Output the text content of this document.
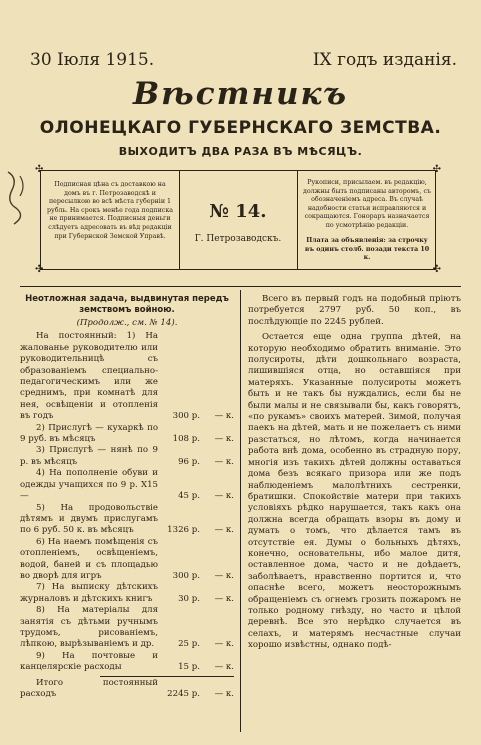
30 Іюля 1915.	IX годъ изданія.
Вѣстникъ
ОЛОНЕЦКАГО ГУБЕРНСКАГО ЗЕМСТВА.
ВЫХОДИТЪ ДВА РАЗА ВЪ МѢСЯЦЪ.
✣	✣
✣	✣
Подписная цѣна съ доставкою на домъ въ г. Петрозаводскѣ и пересылкою во всѣ мѣста губерніи 1 рубль. На срокъ менѣе года подписка не принимается. Подписныя деньги слѣдуетъ адресовать въ вѣд редакціи при Губернской Земской Управѣ.
№ 14.
Г. Петрозаводскъ.
Рукописи, присылаем. въ редакцію, должны быть подписаны авторомъ, съ обозначеніемъ адреса. Въ случаѣ надобности статьи исправляются и сокращаются. Гонораръ назначается по усмотрѣнію редакціи.
Плата за объявленія: за строчку въ одинъ столб. позади текста 10 к.
Неотложная задача, выдвинутая передъ земствомъ войною.
(Продолж., см. № 14).
На постоянный: 1) На жалованье руководителю или руководительницѣ съ образованіемъ специально-педагогическимъ или же среднимъ, при комнатѣ для нея, освѣщеніи и отопленія въ годъ	300 р.	— к.
2) Прислугѣ — кухаркѣ по 9 руб. въ мѣсяцъ	108 р.	— к.
3) Прислугѣ — нянѣ по 9 р. въ мѣсяцъ	96 р.	— к.
4) На пополненіе обуви и одежды учащихся по 9 р. X15—	45 р.	— к.
5) На продовольствіе дѣтямъ и двумъ прислугамъ по 6 руб. 50 к. въ мѣсяцъ	1326 р.	— к.
6) На наемъ помѣщенія съ отопленіемъ, освѣщеніемъ, водой, баней и съ площадью во дворѣ для игръ	300 р.	— к.
7) На выписку дѣтскихъ журналовъ и дѣтскихъ книгъ	30 р.	— к.
8) На матеріалы для занятія съ дѣтьми ручнымъ трудомъ, рисованіемъ, лѣпкою, вырѣзываніемъ и др.	25 р.	— к.
9) На почтовые и канцелярскіе расходы	15 р.	— к.
Итого постоянный расходъ	2245 р.	— к.

Всего въ первый годъ на подобный пріютъ потребуется 2797 руб. 50 коп., въ послѣдующіе по 2245 рублей.

Остается еще одна группа дѣтей, на которую необходимо обратить вниманіе. Это полусироты, дѣти дошкольнаго возраста, лишившіяся отца, но оставшіяся при матеряхъ. Указанные полусироты можетъ быть и не такъ бы нуждались, если бы не были малы и не связывали бы, какъ говорятъ, «по рукамъ» своихъ матерей. Зимой, получая паекъ на дѣтей, мать и не пожелаетъ съ ними разстаться, но лѣтомъ, когда начинается работа внѣ дома, особенно въ страдную пору, многія изъ такихъ дѣтей должны оставаться дома безъ всякаго призора или же подъ наблюденіемъ малолѣтнихъ сестренки, братишки. Спокойствіе матери при такихъ условіяхъ рѣдко нарушается, такъ какъ она должна всегда обращать взоры въ дому и думать о томъ, что дѣлается тамъ въ отсутствіе ея. Думы о больныхъ дѣтяхъ, конечно, основательны, ибо малое дитя, оставленное дома, часто и не доѣдаетъ, заболѣваетъ, нравственно портится и, что опаснѣе всего, можетъ неосторожнымъ обращеніемъ съ огнемъ грозить пожаромъ не только родному гнѣзду, но часто и цѣлой деревнѣ. Все это нерѣдко случается въ селахъ, и матерямъ несчастные случаи хорошо извѣстны, однако подѣ-
